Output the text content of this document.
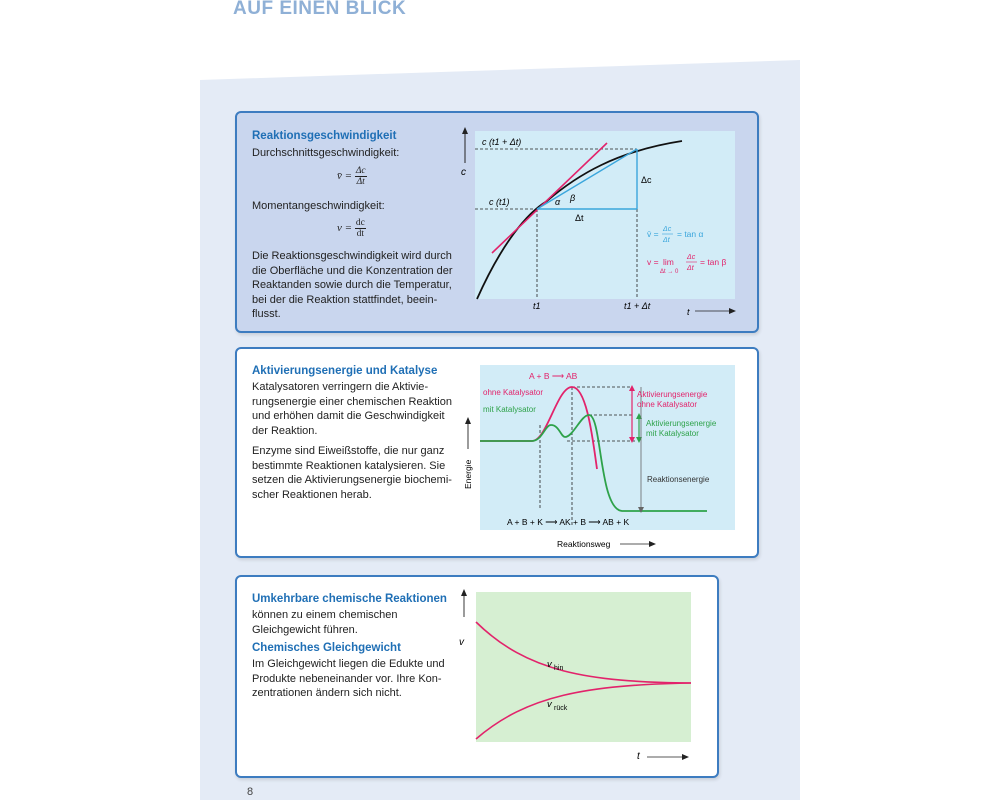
AUF EINEN BLICK
Reaktionsgeschwindigkeit
Durchschnittsgeschwindigkeit:
v̄ = $\frac{\Delta c}{\Delta t}$
Momentangeschwindigkeit:
$v = \frac{dc}{dt}$
Die Reaktionsgeschwindigkeit wird durch die Oberfläche und die Konzentration der Reaktanden sowie durch die Temperatur, bei der die Reaktion stattfindet, beeinflusst.
c
c (t1 + Δt)
c (t1)
Δc
Δt
α β
t1	t1 + Δt
t
v̄ = Δc
Δt
= tan α
v = lim
Δt → 0
Δc
Δt
= tan β
Aktivierungsenergie und Katalyse
Katalysatoren verringern die Aktivierungsenergie einer chemischen Reaktion und erhöhen damit die Geschwindigkeit der Reaktion.
Enzyme sind Eiweißstoffe, die nur ganz bestimmte Reaktionen katalysieren. Sie setzen die Aktivierungsenergie biochemischer Reaktionen herab.
Energie
A + B ⟶ AB
ohne Katalysator
mit Katalysator
Aktivierungsenergie
ohne Katalysator
Aktivierungsenergie
mit Katalysator
Reaktionsenergie
A + B + K ⟶ AK + B ⟶ AB + K
Reaktionsweg
Umkehrbare chemische Reaktionen
können zu einem chemischen Gleichgewicht führen.
Chemisches Gleichgewicht
Im Gleichgewicht liegen die Edukte und Produkte nebeneinander vor. Ihre Konzentrationen ändern sich nicht.
v
v hin
v rück
t
8
